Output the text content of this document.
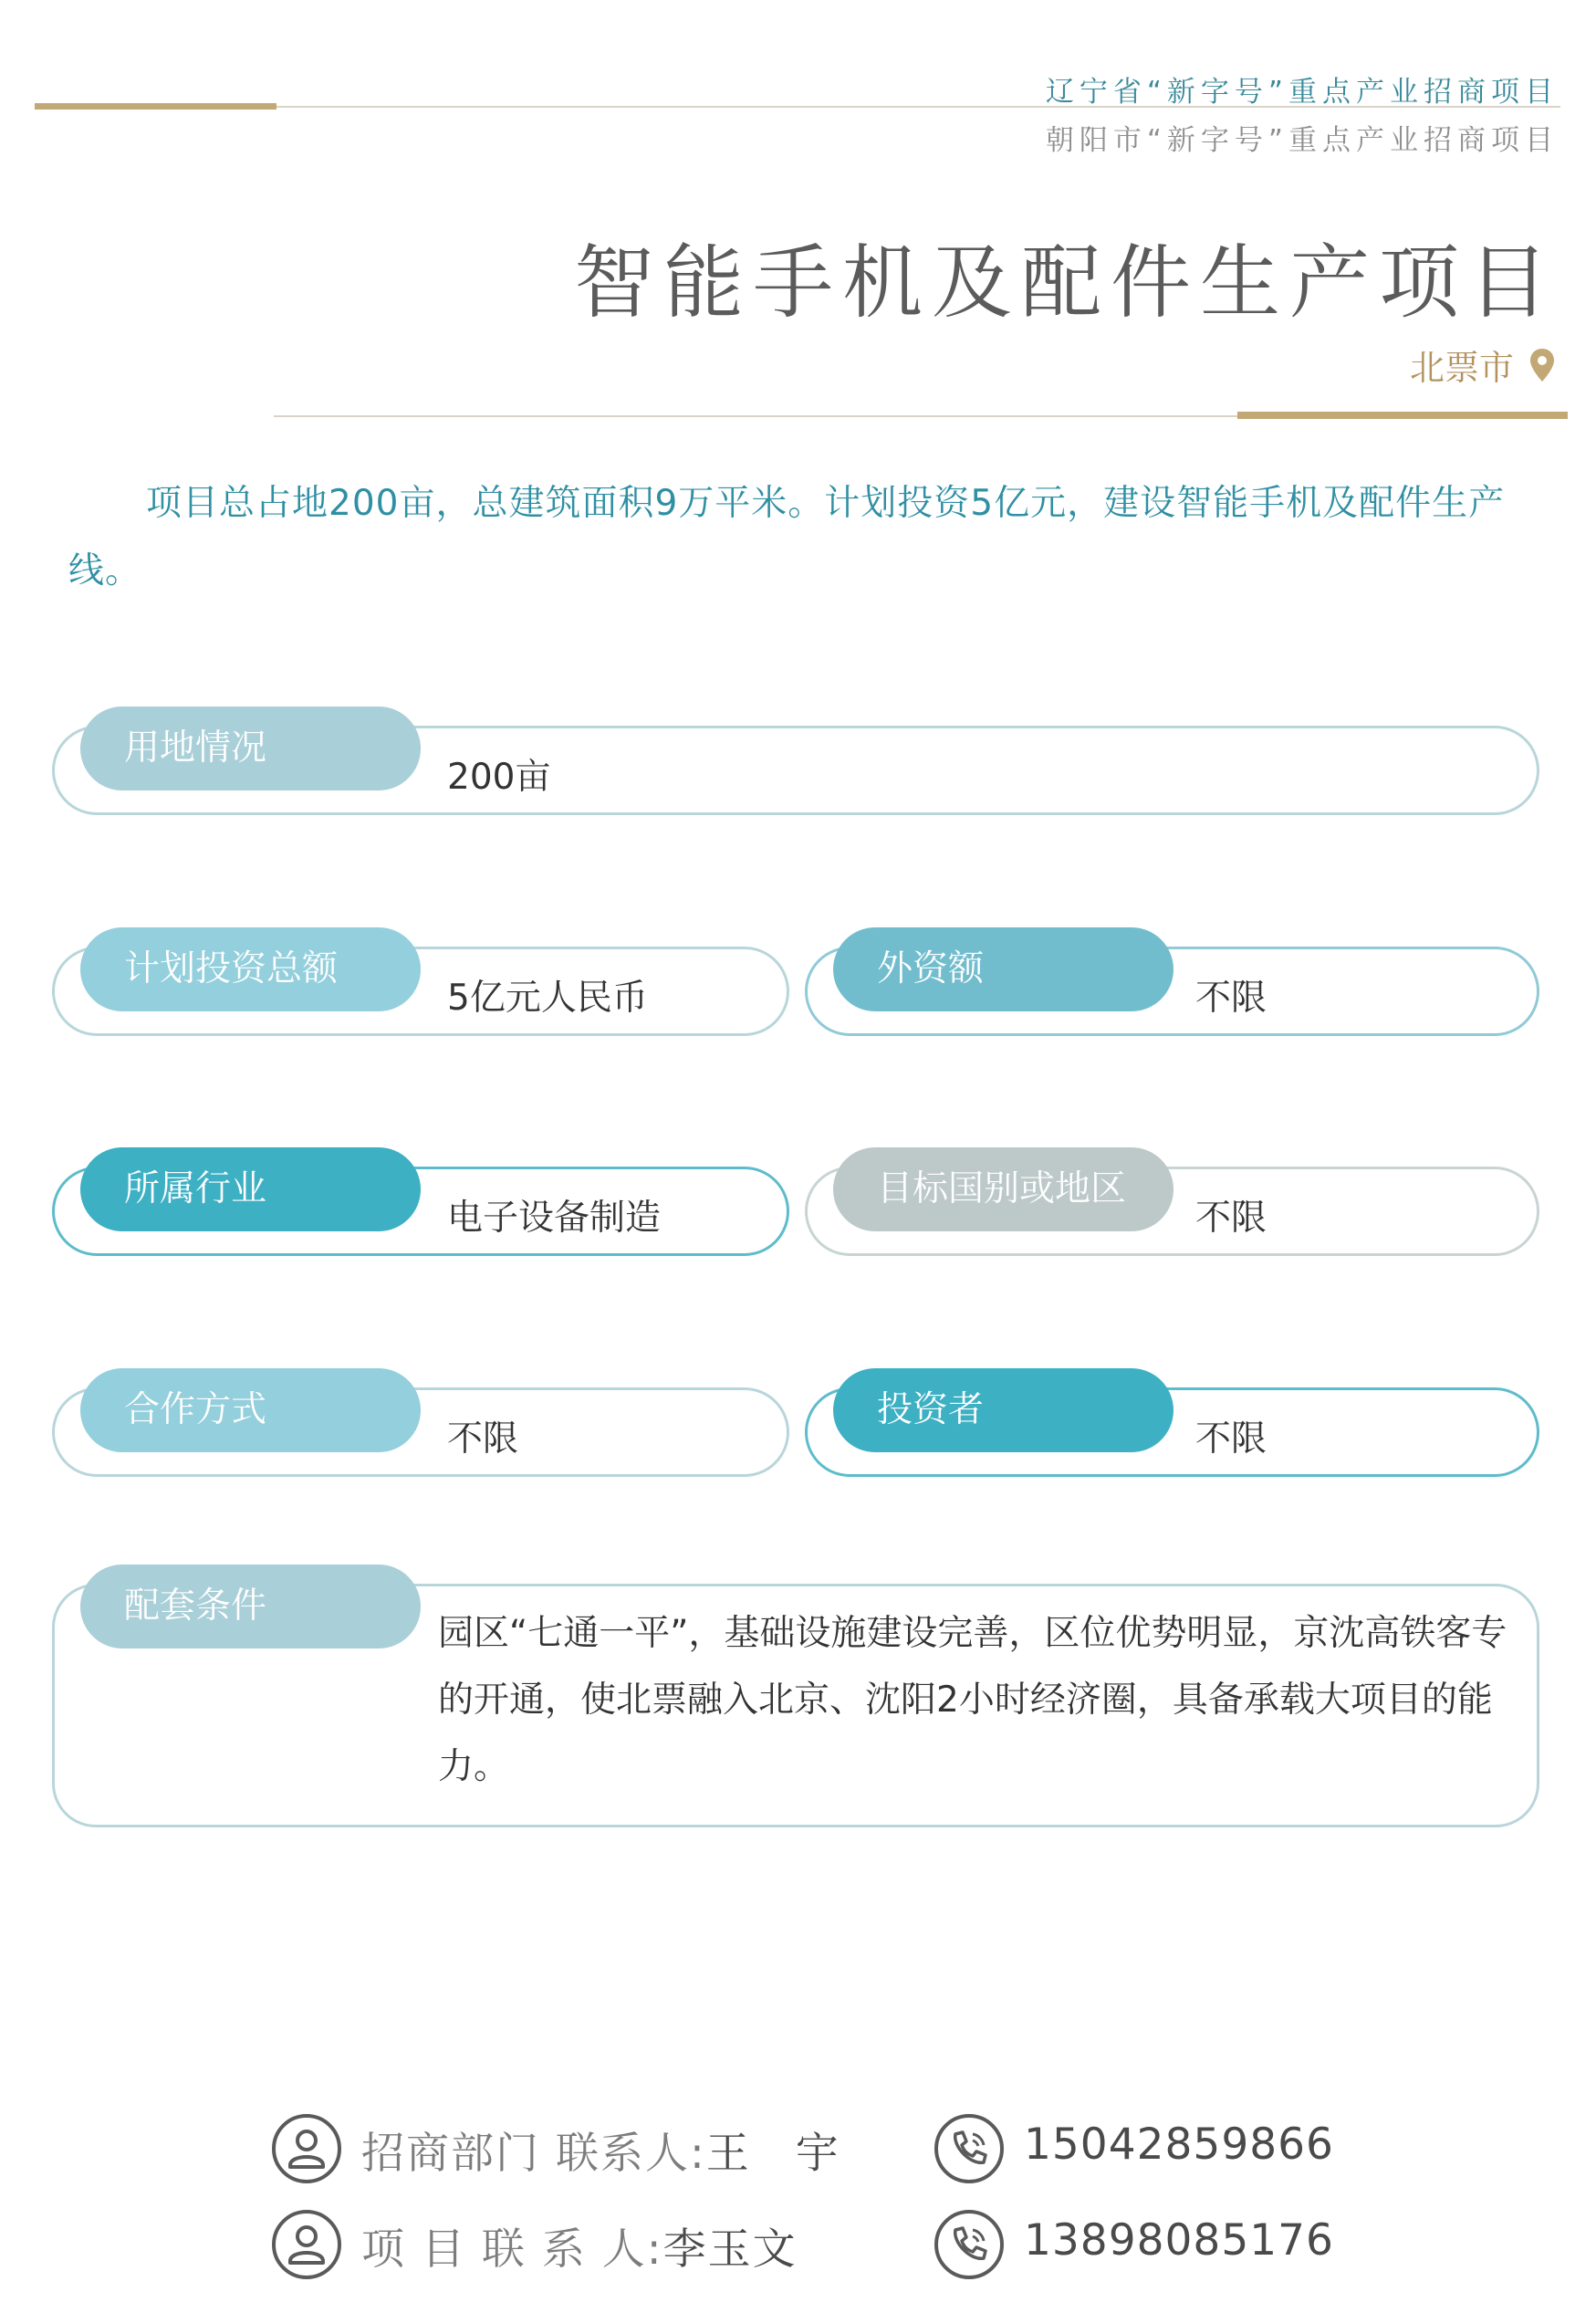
辽宁省“新字号”重点产业招商项目
朝阳市“新字号”重点产业招商项目
智能手机及配件生产项目
北票市

项目总占地200亩，总建筑面积9万平米。计划投资5亿元，建设智能手机及配件生产线。

用地情况
200亩
计划投资总额
5亿元人民币
外资额
不限
所属行业
电子设备制造
目标国别或地区
不限
合作方式
不限
投资者
不限
配套条件
园区“七通一平”，基础设施建设完善，区位优势明显，京沈高铁客专的开通，使北票融入北京、沈阳2小时经济圈，具备承载大项目的能力。
招商部门 联系人:王　宇	15042859866
项 目 联 系 人:李玉文	13898085176
